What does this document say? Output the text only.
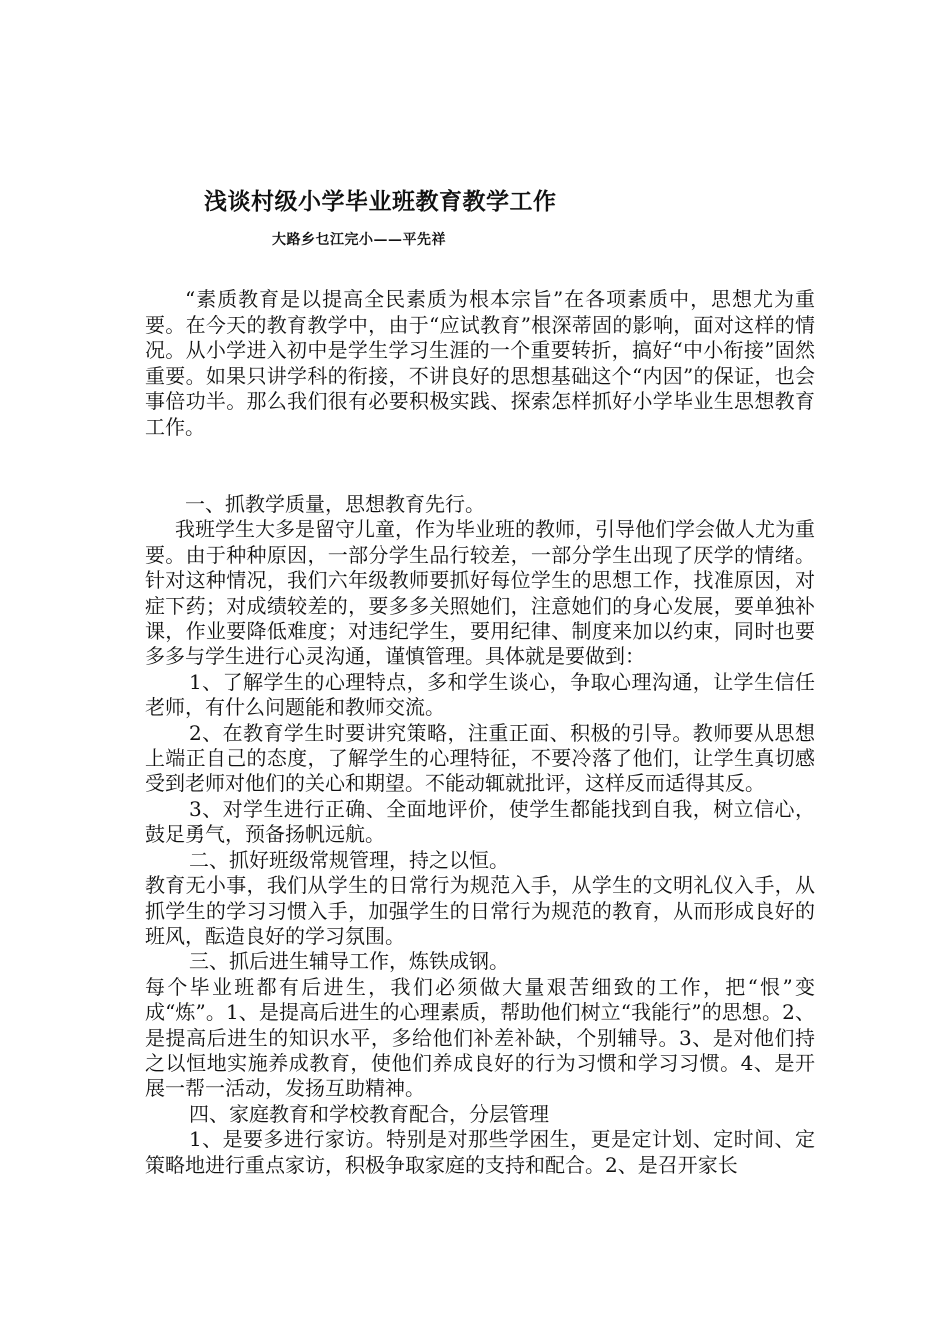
浅谈村级小学毕业班教育教学工作
大路乡乜江完小——平先祥

“素质教育是以提高全民素质为根本宗旨”在各项素质中，思想尤为重要。在今天的教育教学中，由于“应试教育”根深蒂固的影响，面对这样的情况。从小学进入初中是学生学习生涯的一个重要转折，搞好“中小衔接”固然重要。如果只讲学科的衔接，不讲良好的思想基础这个“内因”的保证，也会事倍功半。那么我们很有必要积极实践、探索怎样抓好小学毕业生思想教育工作。

一、抓教学质量，思想教育先行。

我班学生大多是留守儿童，作为毕业班的教师，引导他们学会做人尤为重要。由于种种原因，一部分学生品行较差，一部分学生出现了厌学的情绪。针对这种情况，我们六年级教师要抓好每位学生的思想工作，找准原因，对症下药；对成绩较差的，要多多关照她们，注意她们的身心发展，要单独补课，作业要降低难度；对违纪学生，要用纪律、制度来加以约束，同时也要多多与学生进行心灵沟通，谨慎管理。具体就是要做到：

1、了解学生的心理特点，多和学生谈心，争取心理沟通，让学生信任老师，有什么问题能和教师交流。

2、在教育学生时要讲究策略，注重正面、积极的引导。教师要从思想上端正自己的态度，了解学生的心理特征，不要冷落了他们，让学生真切感受到老师对他们的关心和期望。不能动辄就批评，这样反而适得其反。

3、对学生进行正确、全面地评价，使学生都能找到自我，树立信心，鼓足勇气，预备扬帆远航。

二、抓好班级常规管理，持之以恒。

教育无小事，我们从学生的日常行为规范入手，从学生的文明礼仪入手，从抓学生的学习习惯入手，加强学生的日常行为规范的教育，从而形成良好的班风，酝造良好的学习氛围。

三、抓后进生辅导工作，炼铁成钢。

每个毕业班都有后进生，我们必须做大量艰苦细致的工作，把“恨”变成“炼”。1、是提高后进生的心理素质，帮助他们树立“我能行”的思想。2、是提高后进生的知识水平，多给他们补差补缺，个别辅导。3、是对他们持之以恒地实施养成教育，使他们养成良好的行为习惯和学习习惯。4、是开展一帮一活动，发扬互助精神。

四、家庭教育和学校教育配合，分层管理

1、是要多进行家访。特别是对那些学困生，更是定计划、定时间、定策略地进行重点家访，积极争取家庭的支持和配合。2、是召开家长
